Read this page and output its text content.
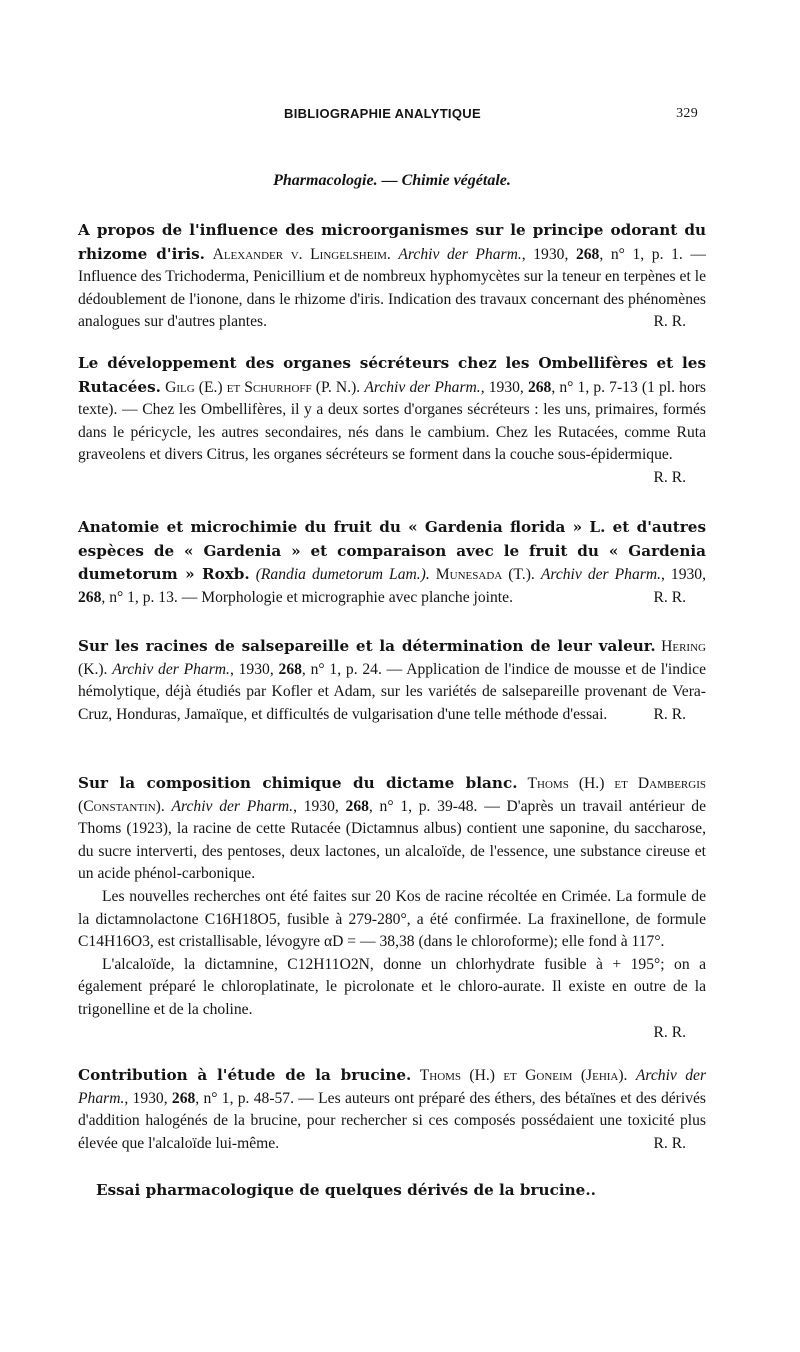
BIBLIOGRAPHIE ANALYTIQUE	329
Pharmacologie. — Chimie végétale.

A propos de l'influence des microorganismes sur le principe odorant du rhizome d'iris. Alexander v. Lingelsheim. Archiv der Pharm., 1930, 268, n° 1, p. 1. — Influence des Trichoderma, Penicillium et de nombreux hyphomycètes sur la teneur en terpènes et le dédoublement de l'ionone, dans le rhizome d'iris. Indication des travaux concernant des phénomènes analogues sur d'autres plantes.	R. R.

Le développement des organes sécréteurs chez les Ombellifères et les Rutacées. Gilg (E.) et Schurhoff (P. N.). Archiv der Pharm., 1930, 268, n° 1, p. 7-13 (1 pl. hors texte). — Chez les Ombellifères, il y a deux sortes d'organes sécréteurs : les uns, primaires, formés dans le péricycle, les autres secondaires, nés dans le cambium. Chez les Rutacées, comme Ruta graveolens et divers Citrus, les organes sécréteurs se forment dans la couche sous-épidermique.
R. R.

Anatomie et microchimie du fruit du « Gardenia florida » L. et d'autres espèces de « Gardenia » et comparaison avec le fruit du « Gardenia dumetorum » Roxb. (Randia dumetorum Lam.). Munesada (T.). Archiv der Pharm., 1930, 268, n° 1, p. 13. — Morphologie et micrographie avec planche jointe.	R. R.

Sur les racines de salsepareille et la détermination de leur valeur. Hering (K.). Archiv der Pharm., 1930, 268, n° 1, p. 24. — Application de l'indice de mousse et de l'indice hémolytique, déjà étudiés par Kofler et Adam, sur les variétés de salsepareille provenant de Vera-Cruz, Honduras, Jamaïque, et difficultés de vulgarisation d'une telle méthode d'essai.	R. R.

Sur la composition chimique du dictame blanc. Thoms (H.) et Dambergis (Constantin). Archiv der Pharm., 1930, 268, n° 1, p. 39-48. — D'après un travail antérieur de Thoms (1923), la racine de cette Rutacée (Dictamnus albus) contient une saponine, du saccharose, du sucre interverti, des pentoses, deux lactones, un alcaloïde, de l'essence, une substance cireuse et un acide phénol-carbonique.

Les nouvelles recherches ont été faites sur 20 Kos de racine récoltée en Crimée. La formule de la dictamnolactone C16H18O5, fusible à 279-280°, a été confirmée. La fraxinellone, de formule C14H16O3, est cristallisable, lévogyre αD = — 38,38 (dans le chloroforme); elle fond à 117°.

L'alcaloïde, la dictamnine, C12H11O2N, donne un chlorhydrate fusible à + 195°; on a également préparé le chloroplatinate, le picrolonate et le chloro-aurate. Il existe en outre de la trigonelline et de la choline.

R. R.

Contribution à l'étude de la brucine. Thoms (H.) et Goneim (Jehia). Archiv der Pharm., 1930, 268, n° 1, p. 48-57. — Les auteurs ont préparé des éthers, des bétaïnes et des dérivés d'addition halogénés de la brucine, pour rechercher si ces composés possédaient une toxicité plus élevée que l'alcaloïde lui-même.	R. R.

Essai pharmacologique de quelques dérivés de la brucine..
